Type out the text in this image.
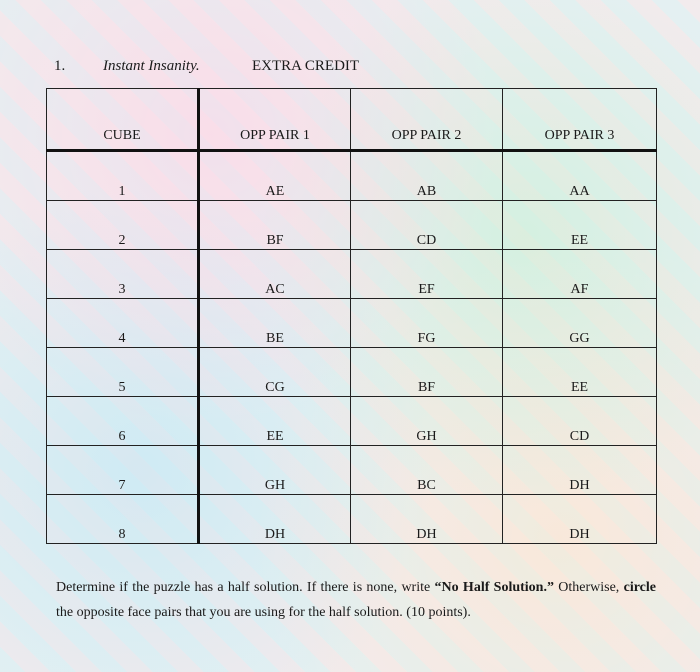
1.	Instant Insanity.	EXTRA CREDIT
CUBE	OPP PAIR 1	OPP PAIR 2	OPP PAIR 3
1	AE	AB	AA
2	BF	CD	EE
3	AC	EF	AF
4	BE	FG	GG
5	CG	BF	EE
6	EE	GH	CD
7	GH	BC	DH
8	DH	DH	DH
Determine if the puzzle has a half solution. If there is none, write “No Half Solution.” Otherwise, circle the opposite face pairs that you are using for the half solution. (10 points).
